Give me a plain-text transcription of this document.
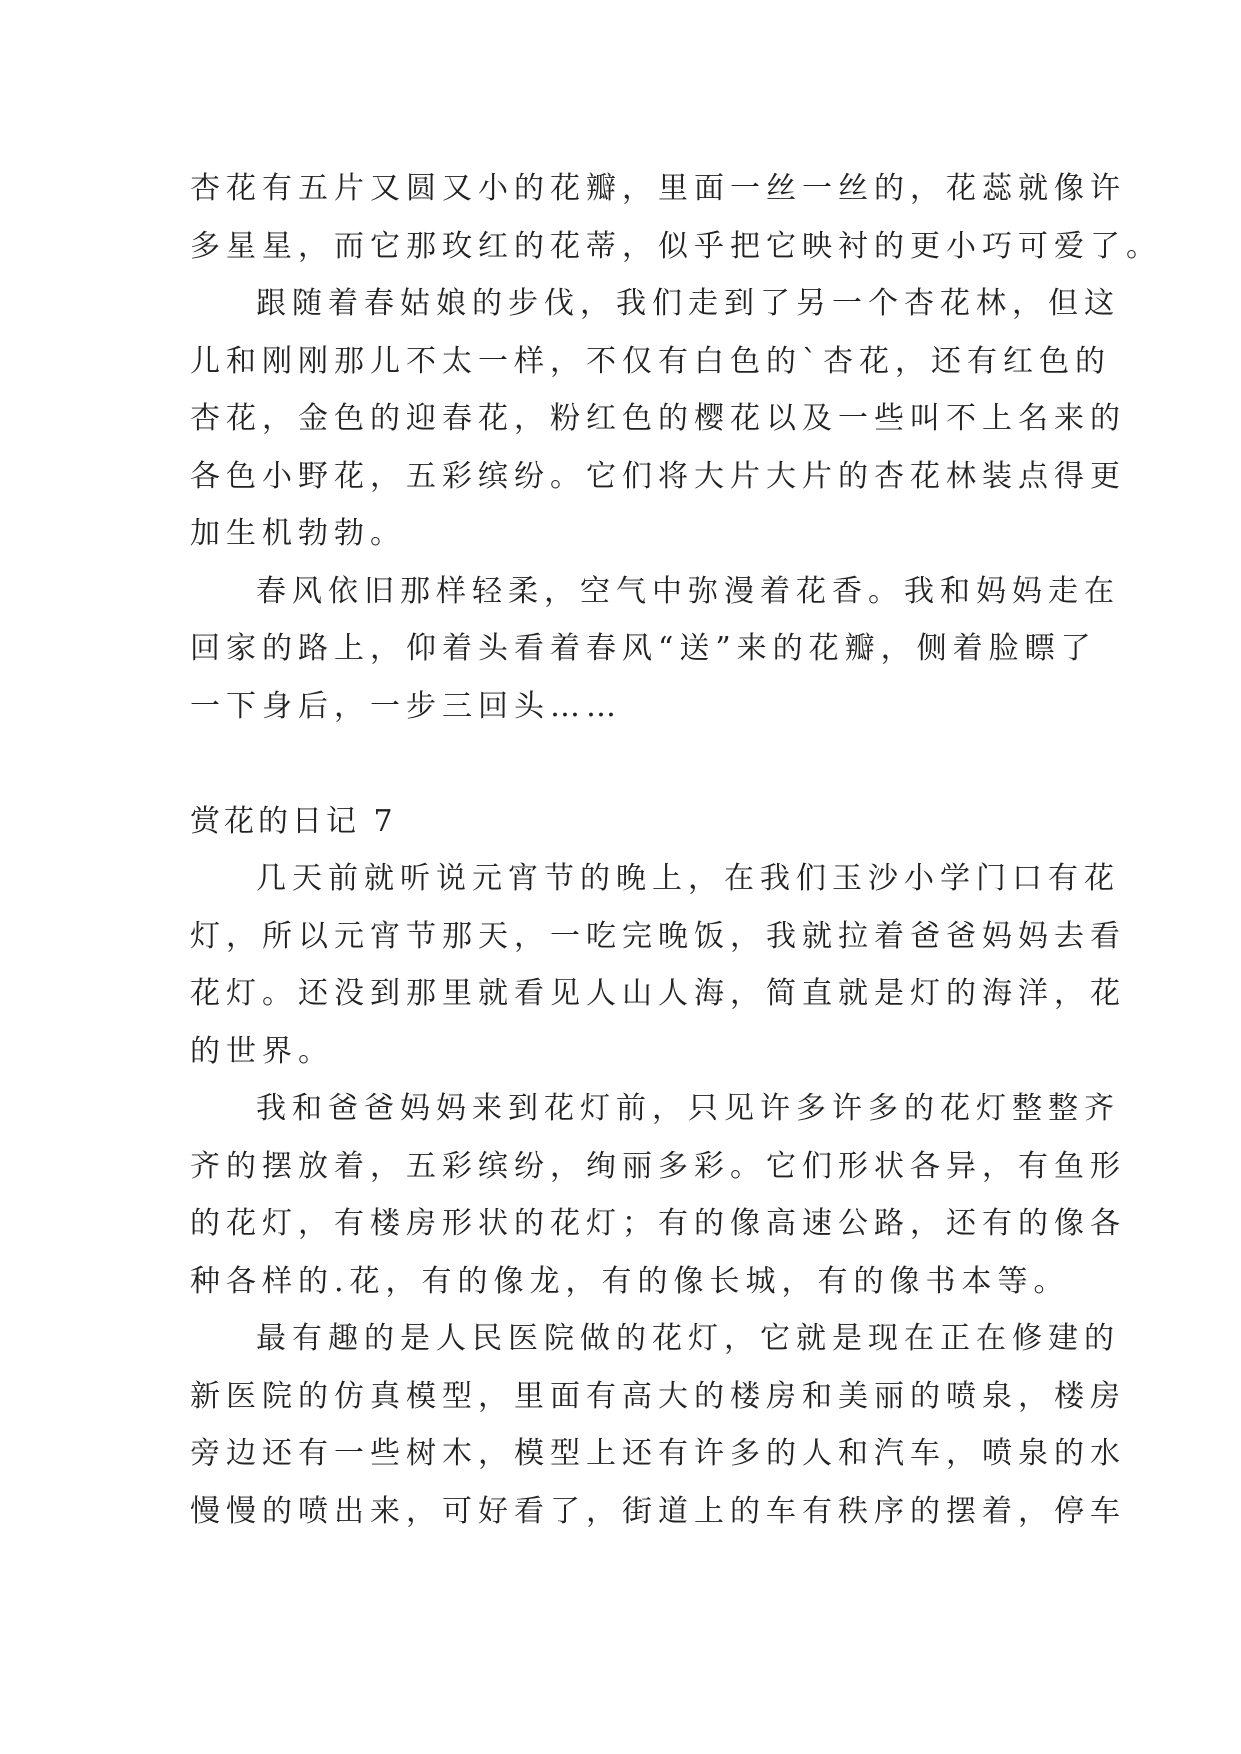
杏花有五片又圆又小的花瓣，里面一丝一丝的，花蕊就像许
多星星，而它那玫红的花蒂，似乎把它映衬的更小巧可爱了。
跟随着春姑娘的步伐，我们走到了另一个杏花林，但这
儿和刚刚那儿不太一样，不仅有白色的`杏花，还有红色的
杏花，金色的迎春花，粉红色的樱花以及一些叫不上名来的
各色小野花，五彩缤纷。它们将大片大片的杏花林装点得更
加生机勃勃。
春风依旧那样轻柔，空气中弥漫着花香。我和妈妈走在
回家的路上，仰着头看着春风“送”来的花瓣，侧着脸瞟了
一下身后，一步三回头……
赏花的日记 7
几天前就听说元宵节的晚上，在我们玉沙小学门口有花
灯，所以元宵节那天，一吃完晚饭，我就拉着爸爸妈妈去看
花灯。还没到那里就看见人山人海，简直就是灯的海洋，花
的世界。
我和爸爸妈妈来到花灯前，只见许多许多的花灯整整齐
齐的摆放着，五彩缤纷，绚丽多彩。它们形状各异，有鱼形
的花灯，有楼房形状的花灯；有的像高速公路，还有的像各
种各样的.花，有的像龙，有的像长城，有的像书本等。
最有趣的是人民医院做的花灯，它就是现在正在修建的
新医院的仿真模型，里面有高大的楼房和美丽的喷泉，楼房
旁边还有一些树木，模型上还有许多的人和汽车，喷泉的水
慢慢的喷出来，可好看了，街道上的车有秩序的摆着，停车
